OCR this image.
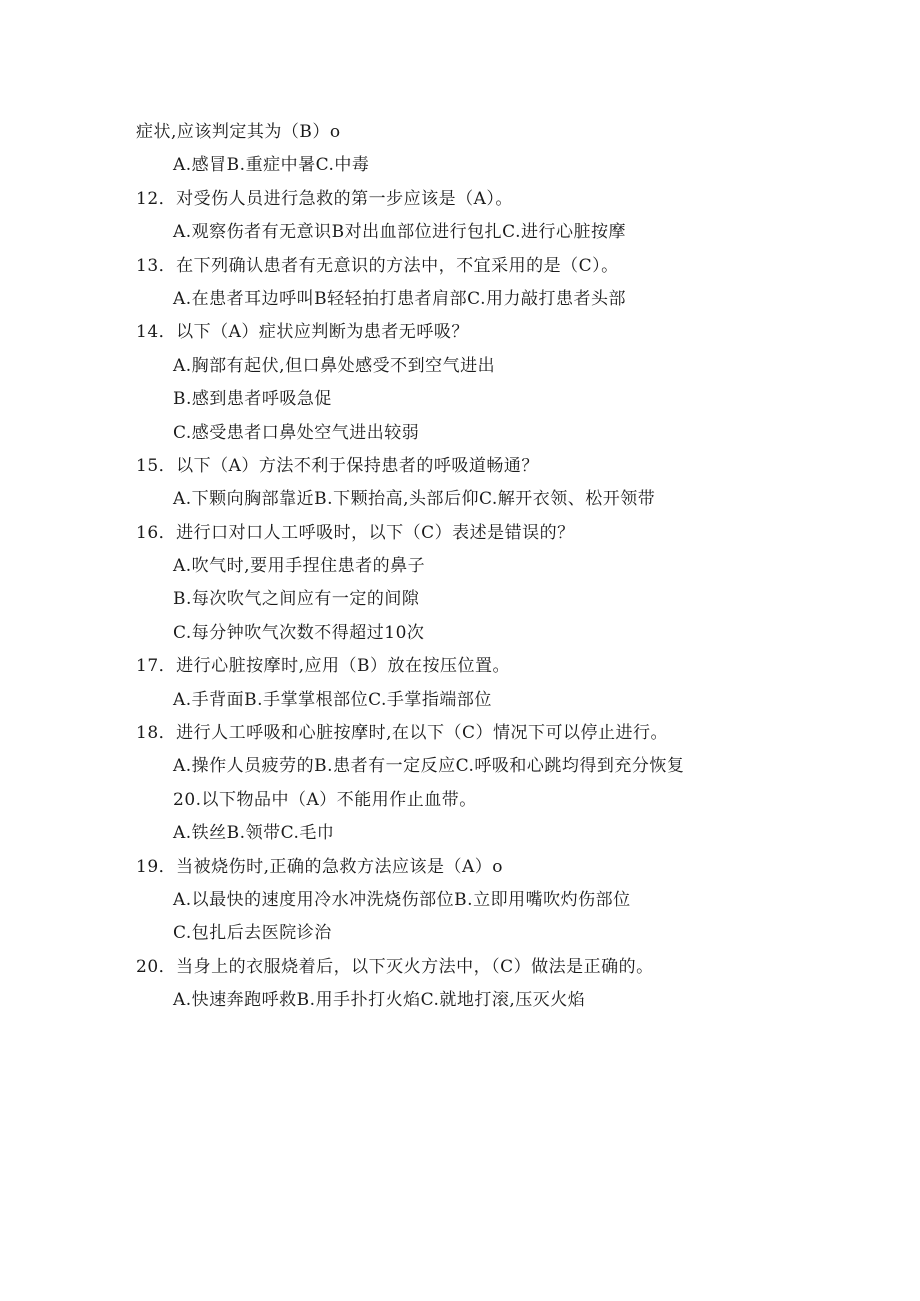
症状,应该判定其为（B）o
A.感冒B.重症中暑C.中毒
12．对受伤人员进行急救的第一步应该是（A）。
A.观察伤者有无意识B对出血部位进行包扎C.进行心脏按摩
13．在下列确认患者有无意识的方法中，不宜采用的是（C）。
A.在患者耳边呼叫B轻轻拍打患者肩部C.用力敲打患者头部
14．以下（A）症状应判断为患者无呼吸？
A.胸部有起伏,但口鼻处感受不到空气进出
B.感到患者呼吸急促
C.感受患者口鼻处空气进出较弱
15．以下（A）方法不利于保持患者的呼吸道畅通？
A.下颗向胸部靠近B.下颗抬高,头部后仰C.解开衣领、松开领带
16．进行口对口人工呼吸时，以下（C）表述是错误的？
A.吹气时,要用手捏住患者的鼻子
B.每次吹气之间应有一定的间隙
C.每分钟吹气次数不得超过10次
17．进行心脏按摩时,应用（B）放在按压位置。
A.手背面B.手掌掌根部位C.手掌指端部位
18．进行人工呼吸和心脏按摩时,在以下（C）情况下可以停止进行。
A.操作人员疲劳的B.患者有一定反应C.呼吸和心跳均得到充分恢复
20.以下物品中（A）不能用作止血带。
A.铁丝B.领带C.毛巾
19．当被烧伤时,正确的急救方法应该是（A）o
A.以最快的速度用冷水冲洗烧伤部位B.立即用嘴吹灼伤部位
C.包扎后去医院诊治
20．当身上的衣服烧着后，以下灭火方法中，（C）做法是正确的。
A.快速奔跑呼救B.用手扑打火焰C.就地打滚,压灭火焰
